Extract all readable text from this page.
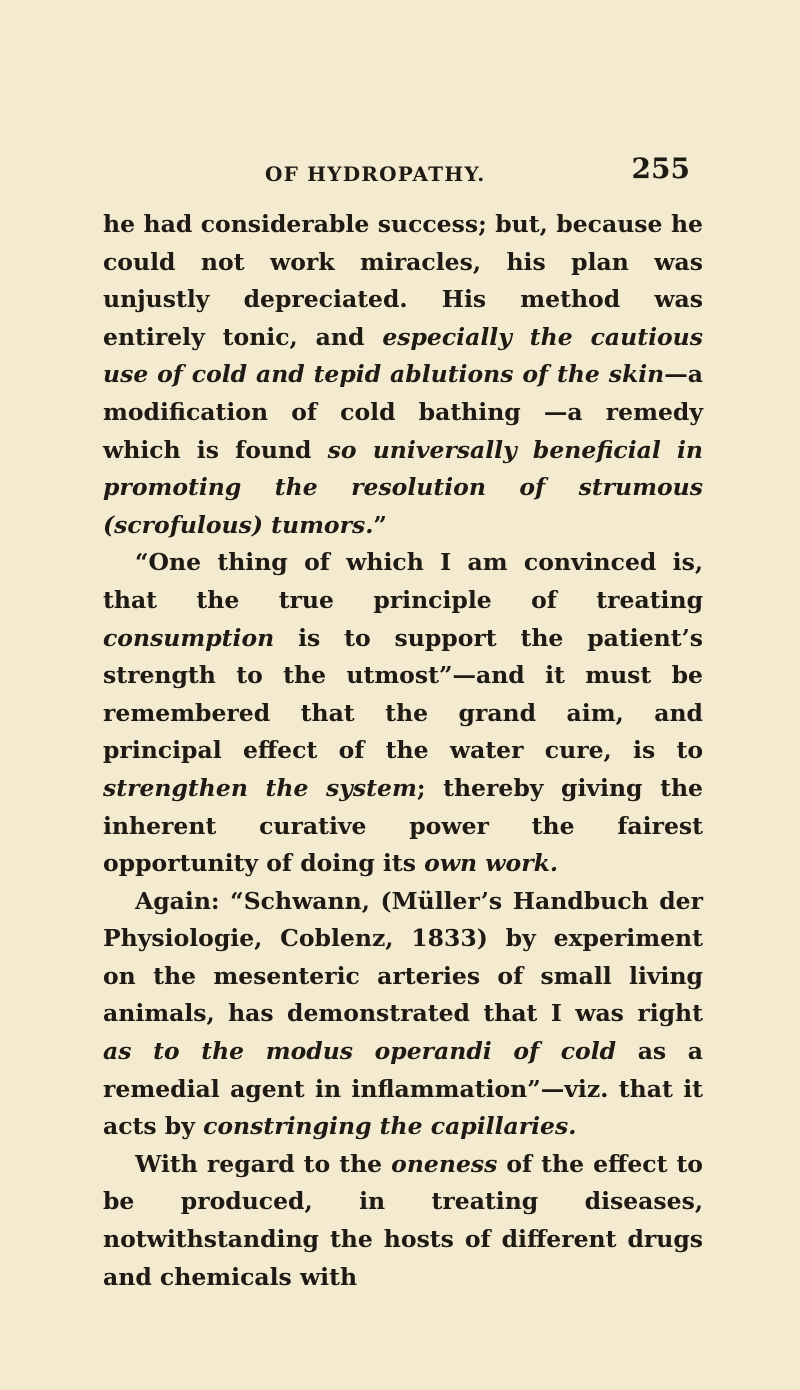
OF HYDROPATHY.	255

he had considerable success; but, because he could not work miracles, his plan was unjustly depreciated. His method was entirely tonic, and especially the cautious use of cold and tepid ablutions of the skin—a modification of cold bathing —a remedy which is found so universally beneficial in promoting the resolution of strumous (scrofulous) tumors.”

“One thing of which I am convinced is, that the true principle of treating consumption is to support the patient’s strength to the utmost”—and it must be remembered that the grand aim, and principal effect of the water cure, is to strengthen the system; thereby giving the inherent curative power the fairest opportunity of doing its own work.

Again: “Schwann, (Müller’s Handbuch der Physiologie, Coblenz, 1833) by experiment on the mesenteric arteries of small living animals, has demonstrated that I was right as to the modus operandi of cold as a remedial agent in inflammation”—viz. that it acts by constringing the capillaries.

With regard to the oneness of the effect to be produced, in treating diseases, notwithstanding the hosts of different drugs and chemicals with
